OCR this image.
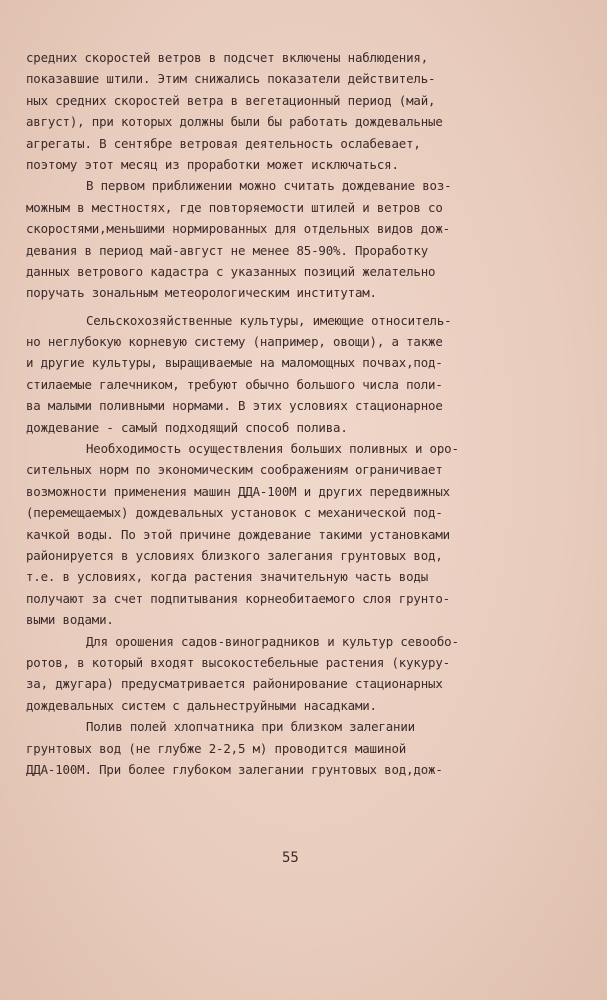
средних скоростей ветров в подсчет включены наблюдения,
показавшие штили. Этим снижались показатели действитель-
ных средних скоростей ветра в вегетационный период (май,
август), при которых должны были бы работать дождевальные
агрегаты. В сентябре ветровая деятельность ослабевает,
поэтому этот месяц из проработки может исключаться.
В первом приближении можно считать дождевание воз-
можным в местностях, где повторяемости штилей и ветров со
скоростями,меньшими нормированных для отдельных видов дож-
девания в период май-август не менее 85-90%. Проработку
данных ветрового кадастра с указанных позиций желательно
поручать зональным метеорологическим институтам.
Сельскохозяйственные культуры, имеющие относитель-
но неглубокую корневую систему (например, овощи), а также
и другие культуры, выращиваемые на маломощных почвах,под-
стилаемые галечником, требуют обычно большого числа поли-
ва малыми поливными нормами. В этих условиях стационарное
дождевание - самый подходящий способ полива.
Необходимость осуществления больших поливных и оро-
сительных норм по экономическим соображениям ограничивает
возможности применения машин ДДА-100М и других передвижных
(перемещаемых) дождевальных установок с механической под-
качкой воды. По этой причине дождевание такими установками
районируется в условиях близкого залегания грунтовых вод,
т.е. в условиях, когда растения значительную часть воды
получают за счет подпитывания корнеобитаемого слоя грунто-
выми водами.
Для орошения садов-виноградников и культур севообо-
ротов, в который входят высокостебельные растения (кукуру-
за, джугара) предусматривается районирование стационарных
дождевальных систем с дальнеструйными насадками.
Полив полей хлопчатника при близком залегании
грунтовых вод (не глубже 2-2,5 м) проводится машиной
ДДА-100М. При более глубоком залегании грунтовых вод,дож-
55
